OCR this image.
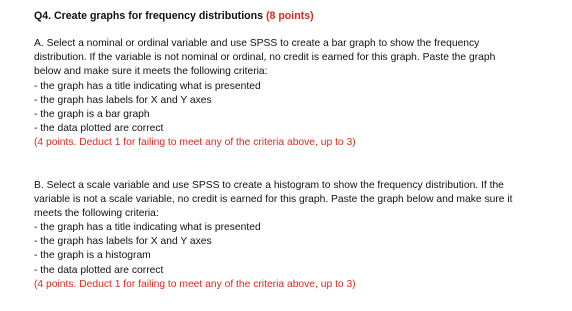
Q4. Create graphs for frequency distributions (8 points)

A. Select a nominal or ordinal variable and use SPSS to create a bar graph to show the frequency
distribution. If the variable is not nominal or ordinal, no credit is earned for this graph. Paste the graph
below and make sure it meets the following criteria:
- the graph has a title indicating what is presented
- the graph has labels for X and Y axes
- the graph is a bar graph
- the data plotted are correct
(4 points. Deduct 1 for failing to meet any of the criteria above, up to 3)
B. Select a scale variable and use SPSS to create a histogram to show the frequency distribution. If the
variable is not a scale variable, no credit is earned for this graph. Paste the graph below and make sure it
meets the following criteria:
- the graph has a title indicating what is presented
- the graph has labels for X and Y axes
- the graph is a histogram
- the data plotted are correct
(4 points. Deduct 1 for failing to meet any of the criteria above, up to 3)
